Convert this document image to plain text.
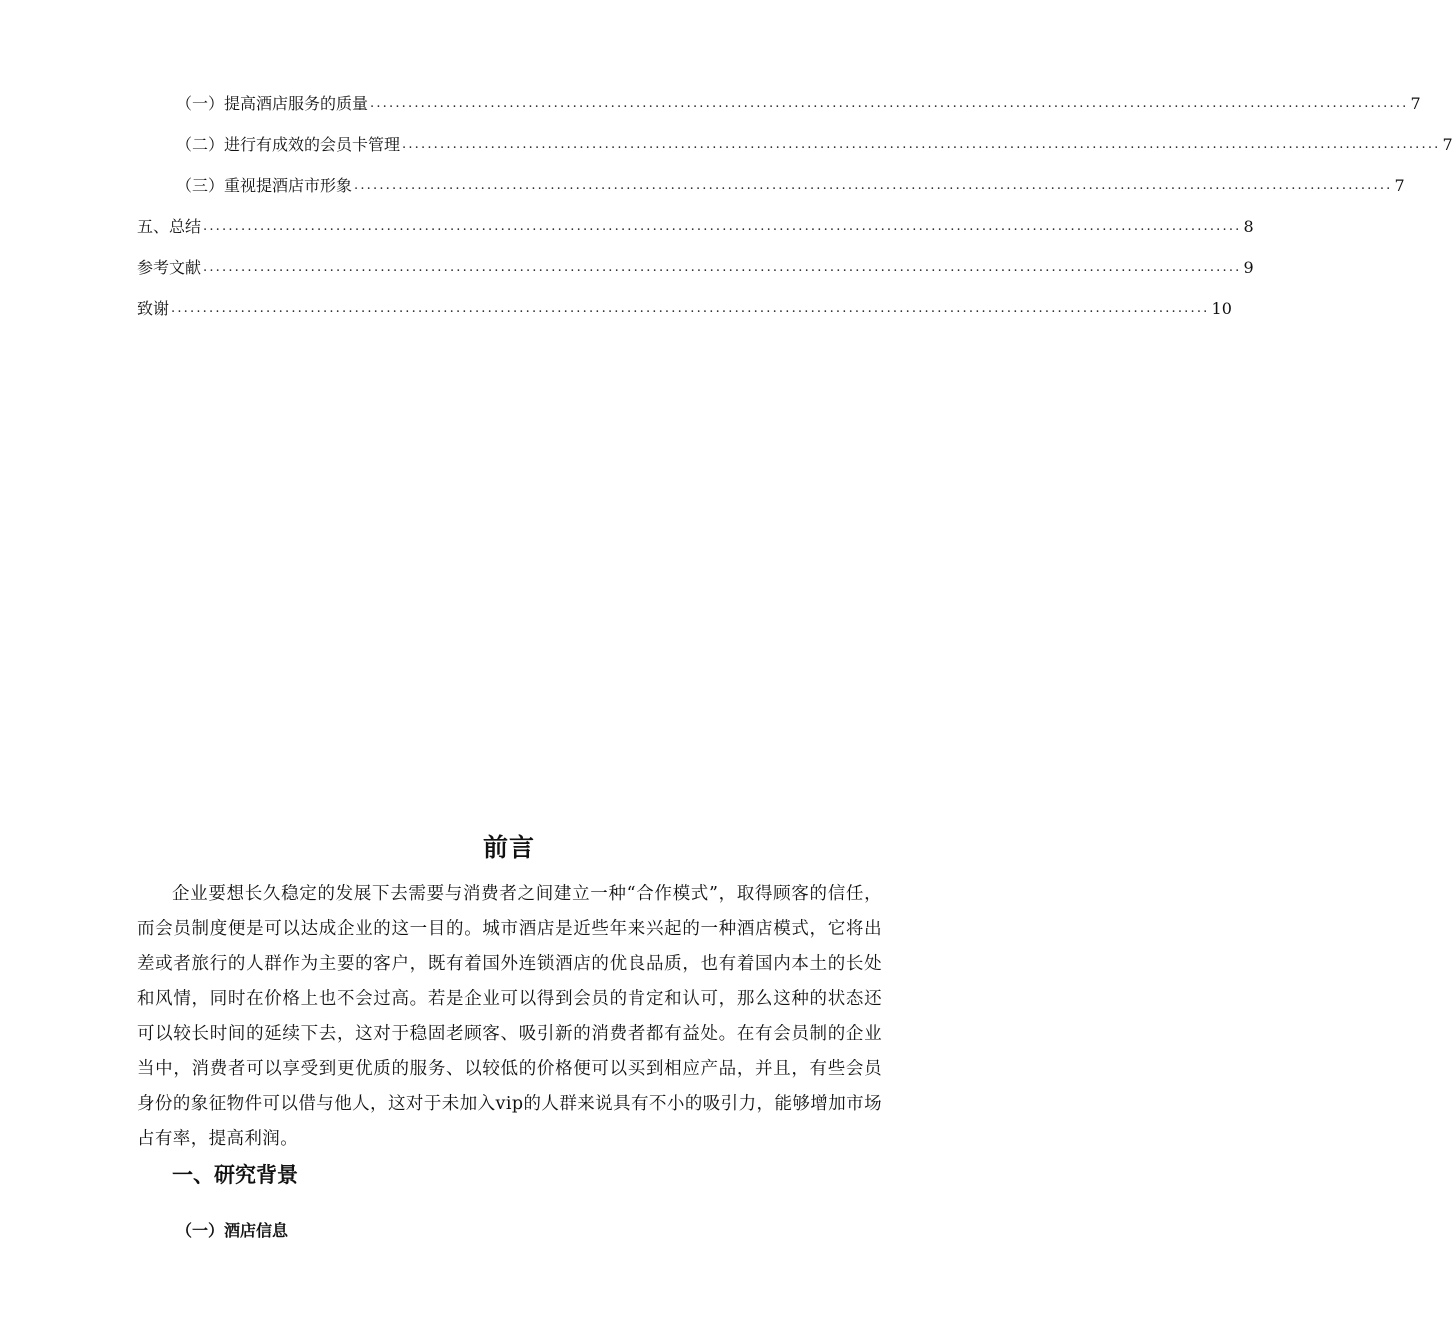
（一）提高酒店服务的质量 .................................................................................................................................................................... 7
（二）进行有成效的会员卡管理 .................................................................................................................................................................... 7
（三）重视提酒店市形象 .................................................................................................................................................................... 7
五、总结 .................................................................................................................................................................... 8
参考文献 .................................................................................................................................................................... 9
致谢 .................................................................................................................................................................... 10
前言

企业要想长久稳定的发展下去需要与消费者之间建立一种“合作模式”，取得顾客的信任，而会员制度便是可以达成企业的这一目的。城市酒店是近些年来兴起的一种酒店模式，它将出差或者旅行的人群作为主要的客户，既有着国外连锁酒店的优良品质，也有着国内本土的长处和风情，同时在价格上也不会过高。若是企业可以得到会员的肯定和认可，那么这种的状态还可以较长时间的延续下去，这对于稳固老顾客、吸引新的消费者都有益处。在有会员制的企业当中，消费者可以享受到更优质的服务、以较低的价格便可以买到相应产品，并且，有些会员身份的象征物件可以借与他人，这对于未加入vip的人群来说具有不小的吸引力，能够增加市场占有率，提高利润。

一、研究背景
（一）酒店信息
